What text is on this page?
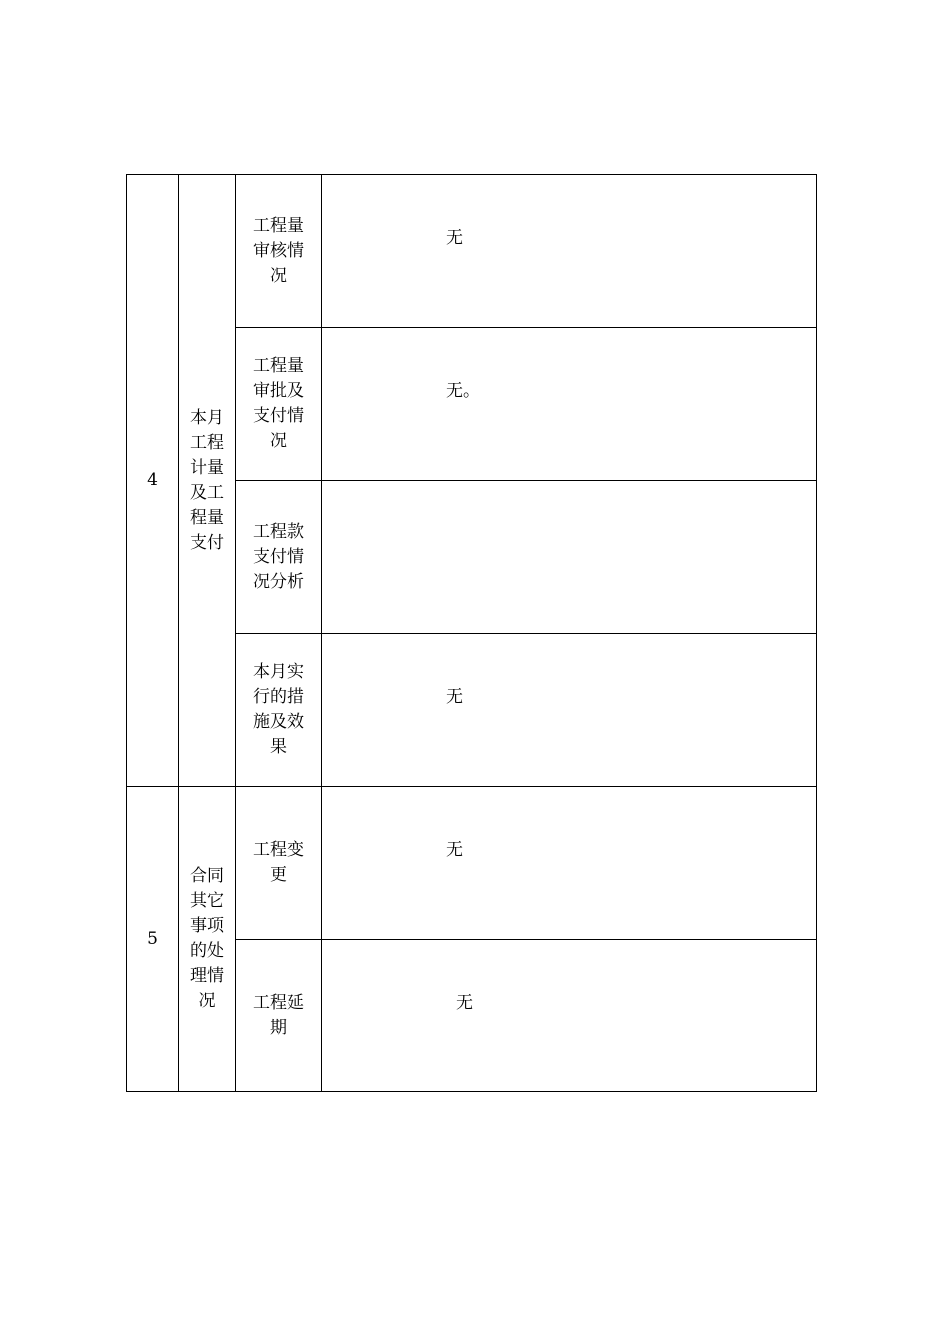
4	本月工程计量及工程量支付	工程量审核情况	无

		工程量审批及支付情况	无。

		工程款支付情况分析	

		本月实行的措施及效果	无

5	合同其它事项的处理情况	工程变更	无

		工程延期	无
